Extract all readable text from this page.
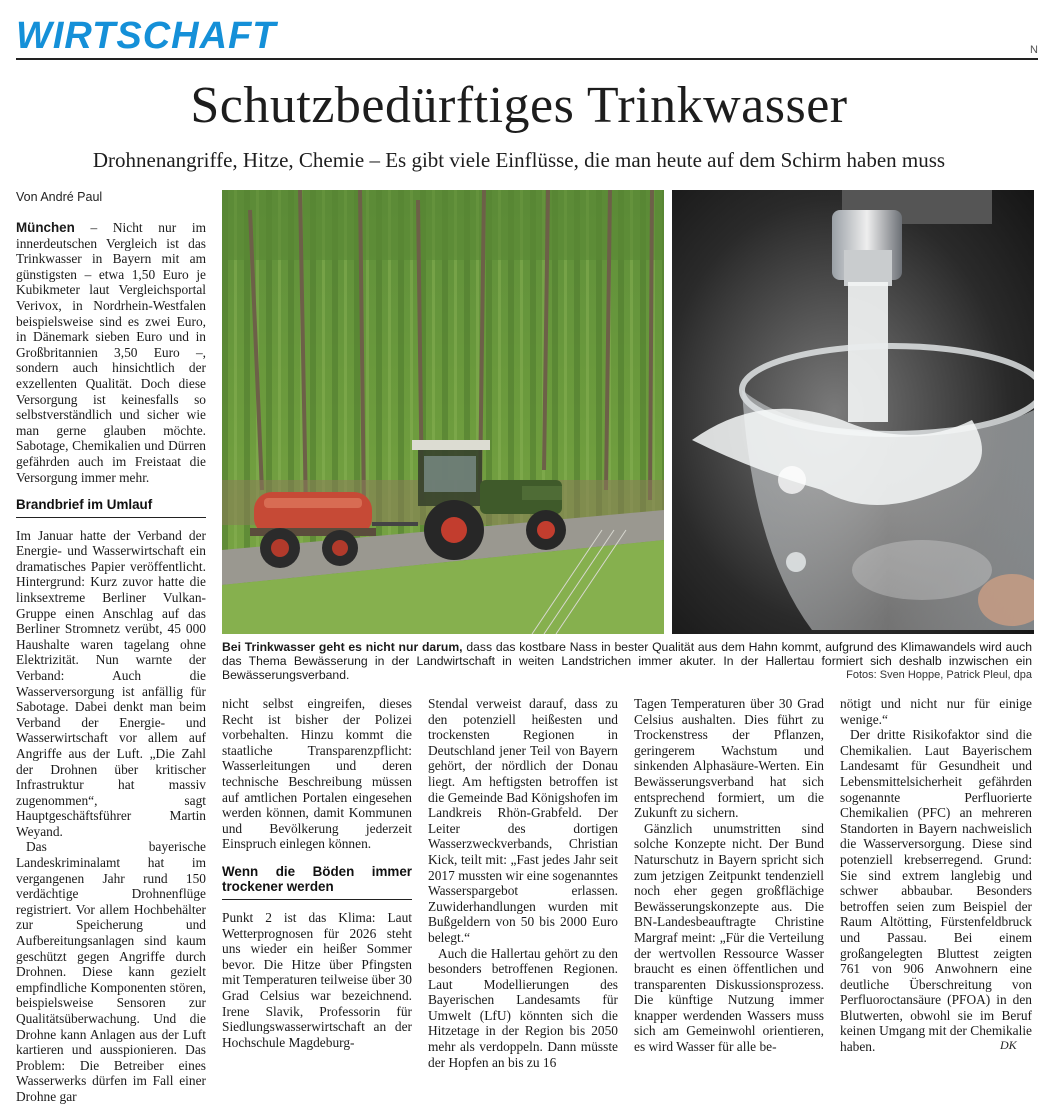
WIRTSCHAFT	N
Schutzbedürftiges Trinkwasser
Drohnenangriffe, Hitze, Chemie – Es gibt viele Einflüsse, die man heute auf dem Schirm haben muss
Von André Paul

München – Nicht nur im innerdeutschen Vergleich ist das Trinkwasser in Bayern mit am günstigsten – etwa 1,50 Euro je Kubikmeter laut Vergleichsportal Verivox, in Nordrhein-Westfalen beispielsweise sind es zwei Euro, in Dänemark sieben Euro und in Großbritannien 3,50 Euro –, sondern auch hinsichtlich der exzellenten Qualität. Doch diese Versorgung ist keinesfalls so selbstverständlich und sicher wie man gerne glauben möchte. Sabotage, Chemikalien und Dürren gefährden auch im Freistaat die Versorgung immer mehr.

Brandbrief im Umlauf

Im Januar hatte der Verband der Energie- und Wasserwirtschaft ein dramatisches Papier veröffentlicht. Hintergrund: Kurz zuvor hatte die linksextreme Berliner Vulkan-Gruppe einen Anschlag auf das Berliner Stromnetz verübt, 45 000 Haushalte waren tagelang ohne Elektrizität. Nun warnte der Verband: Auch die Wasserversorgung ist anfällig für Sabotage. Dabei denkt man beim Verband der Energie- und Wasserwirtschaft vor allem auf Angriffe aus der Luft. „Die Zahl der Drohnen über kritischer Infrastruktur hat massiv zugenommen“, sagt Hauptgeschäftsführer Martin Weyand.

Das bayerische Landeskriminalamt hat im vergangenen Jahr rund 150 verdächtige Drohnenflüge registriert. Vor allem Hochbehälter zur Speicherung und Aufbereitungsanlagen sind kaum geschützt gegen Angriffe durch Drohnen. Diese kann gezielt empfindliche Komponenten stören, beispielsweise Sensoren zur Qualitätsüberwachung. Und die Drohne kann Anlagen aus der Luft kartieren und ausspionieren. Das Problem: Die Betreiber eines Wasserwerks dürfen im Fall einer Drohne gar

Bei Trinkwasser geht es nicht nur darum, dass das kostbare Nass in bester Qualität aus dem Hahn kommt, aufgrund des Klimawandels wird auch das Thema Bewässerung in der Landwirtschaft in weiten Landstrichen immer akuter. In der Hallertau formiert sich deshalb inzwischen ein Bewässerungsverband.	Fotos: Sven Hoppe, Patrick Pleul, dpa

nicht selbst eingreifen, dieses Recht ist bisher der Polizei vorbehalten. Hinzu kommt die staatliche Transparenzpflicht: Wasserleitungen und deren technische Beschreibung müssen auf amtlichen Portalen eingesehen werden können, damit Kommunen und Bevölkerung jederzeit Einspruch einlegen können.

Wenn die Böden immer trockener werden

Punkt 2 ist das Klima: Laut Wetterprognosen für 2026 steht uns wieder ein heißer Sommer bevor. Die Hitze über Pfingsten mit Temperaturen teilweise über 30 Grad Celsius war bezeichnend. Irene Slavik, Professorin für Siedlungswasserwirtschaft an der Hochschule Magdeburg-

Stendal verweist darauf, dass zu den potenziell heißesten und trockensten Regionen in Deutschland jener Teil von Bayern gehört, der nördlich der Donau liegt. Am heftigsten betroffen ist die Gemeinde Bad Königshofen im Landkreis Rhön-Grabfeld. Der Leiter des dortigen Wasserzweckverbands, Christian Kick, teilt mit: „Fast jedes Jahr seit 2017 mussten wir eine sogenanntes Wasserspargebot erlassen. Zuwiderhandlungen wurden mit Bußgeldern von 50 bis 2000 Euro belegt.“

Auch die Hallertau gehört zu den besonders betroffenen Regionen. Laut Modellierungen des Bayerischen Landesamts für Umwelt (LfU) könnten sich die Hitzetage in der Region bis 2050 mehr als verdoppeln. Dann müsste der Hopfen an bis zu 16

Tagen Temperaturen über 30 Grad Celsius aushalten. Dies führt zu Trockenstress der Pflanzen, geringerem Wachstum und sinkenden Alphasäure-Werten. Ein Bewässerungsverband hat sich entsprechend formiert, um die Zukunft zu sichern.

Gänzlich unumstritten sind solche Konzepte nicht. Der Bund Naturschutz in Bayern spricht sich zum jetzigen Zeitpunkt tendenziell noch eher gegen großflächige Bewässerungskonzepte aus. Die BN-Landesbeauftragte Christine Margraf meint: „Für die Verteilung der wertvollen Ressource Wasser braucht es einen öffentlichen und transparenten Diskussionsprozess. Die künftige Nutzung immer knapper werdenden Wassers muss sich am Gemeinwohl orientieren, es wird Wasser für alle be-

nötigt und nicht nur für einige wenige.“

Der dritte Risikofaktor sind die Chemikalien. Laut Bayerischem Landesamt für Gesundheit und Lebensmittelsicherheit gefährden sogenannte Perfluorierte Chemikalien (PFC) an mehreren Standorten in Bayern nachweislich die Wasserversorgung. Diese sind potenziell krebserregend. Grund: Sie sind extrem langlebig und schwer abbaubar. Besonders betroffen seien zum Beispiel der Raum Altötting, Fürstenfeldbruck und Passau. Bei einem großangelegten Bluttest zeigten 761 von 906 Anwohnern eine deutliche Überschreitung von Perfluoroctansäure (PFOA) in den Blutwerten, obwohl sie im Beruf keinen Umgang mit der Chemikalie haben.	DK
